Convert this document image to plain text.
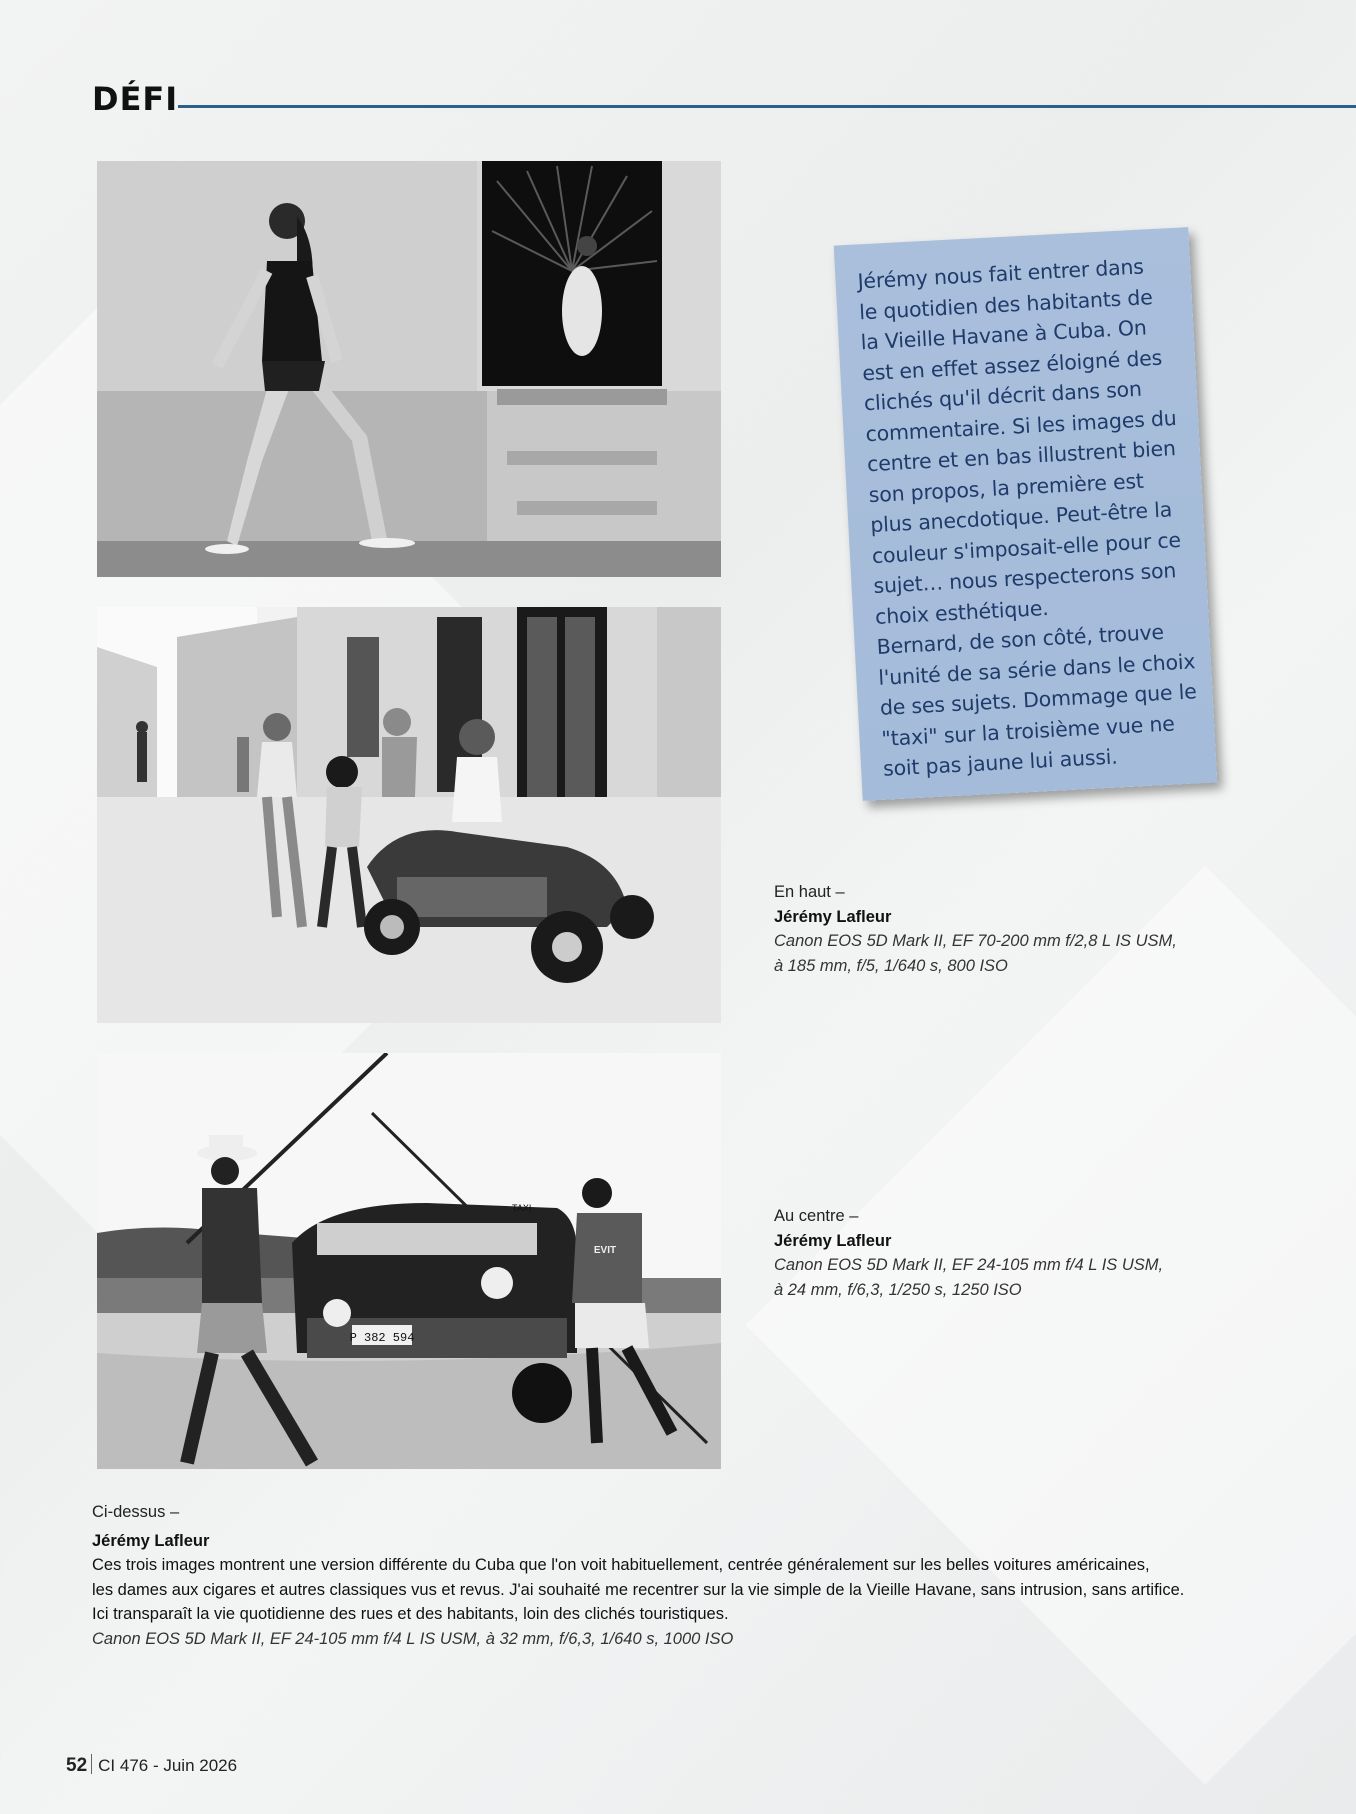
DÉFI
P 382 594
TAXI
EVIT
Jérémy nous fait entrer dans
le quotidien des habitants de
la Vieille Havane à Cuba. On
est en effet assez éloigné des
clichés qu'il décrit dans son
commentaire. Si les images du
centre et en bas illustrent bien
son propos, la première est
plus anecdotique. Peut-être la
couleur s'imposait-elle pour ce
sujet… nous respecterons son
choix esthétique.
Bernard, de son côté, trouve
l'unité de sa série dans le choix
de ses sujets. Dommage que le
"taxi" sur la troisième vue ne
soit pas jaune lui aussi.
En haut –
Jérémy Lafleur
Canon EOS 5D Mark II, EF 70-200 mm f/2,8 L IS USM,
à 185 mm, f/5, 1/640 s, 800 ISO
Au centre –
Jérémy Lafleur
Canon EOS 5D Mark II, EF 24-105 mm f/4 L IS USM,
à 24 mm, f/6,3, 1/250 s, 1250 ISO
Ci-dessus –
Jérémy Lafleur
Ces trois images montrent une version différente du Cuba que l'on voit habituellement, centrée généralement sur les belles voitures américaines,
les dames aux cigares et autres classiques vus et revus. J'ai souhaité me recentrer sur la vie simple de la Vieille Havane, sans intrusion, sans artifice.
Ici transparaît la vie quotidienne des rues et des habitants, loin des clichés touristiques.
Canon EOS 5D Mark II, EF 24-105 mm f/4 L IS USM, à 32 mm, f/6,3, 1/640 s, 1000 ISO
52 CI 476 - Juin 2026
